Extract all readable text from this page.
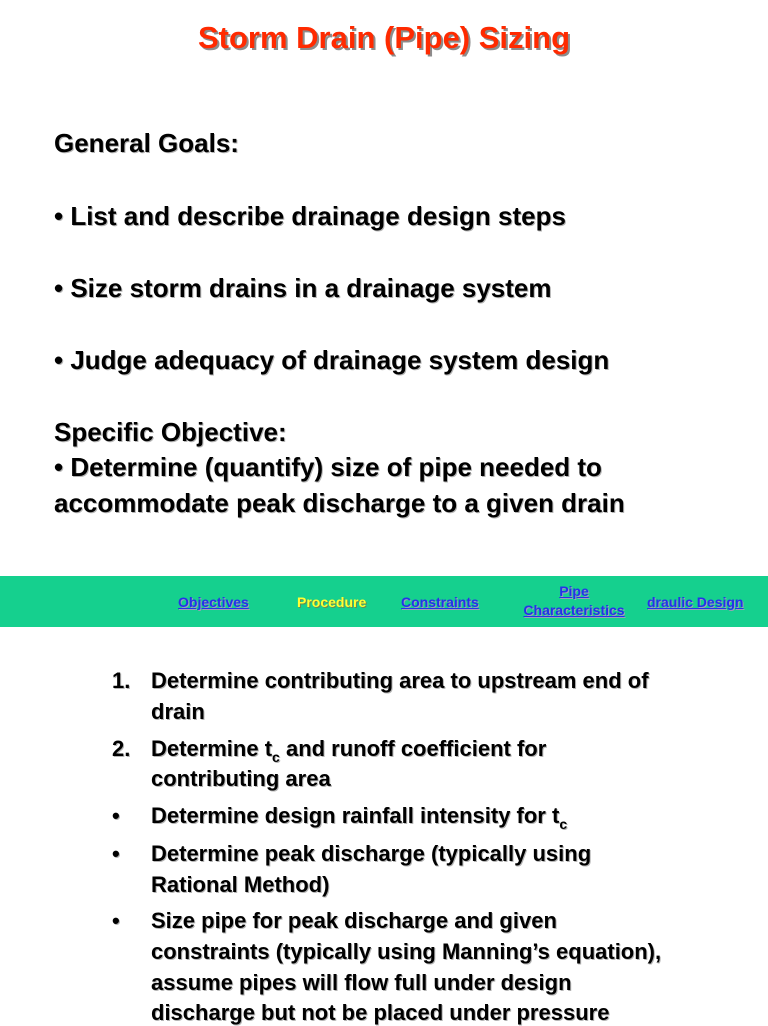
Storm Drain (Pipe) Sizing
General Goals:
• List and describe drainage design steps
• Size storm drains in a drainage system
• Judge adequacy of drainage system design
Specific Objective:
• Determine (quantify) size of pipe needed to
accommodate peak discharge to a given drain
Objectives	Procedure Constraints
Pipe Characteristics	draulic Design
1. Determine contributing area to upstream end of
drain
2. Determine $t_c$ and runoff coefficient for
contributing area
• Determine design rainfall intensity for $t_c$
• Determine peak discharge (typically using
Rational Method)
• Size pipe for peak discharge and given
constraints (typically using Manning’s equation),
assume pipes will flow full under design
discharge but not be placed under pressure
